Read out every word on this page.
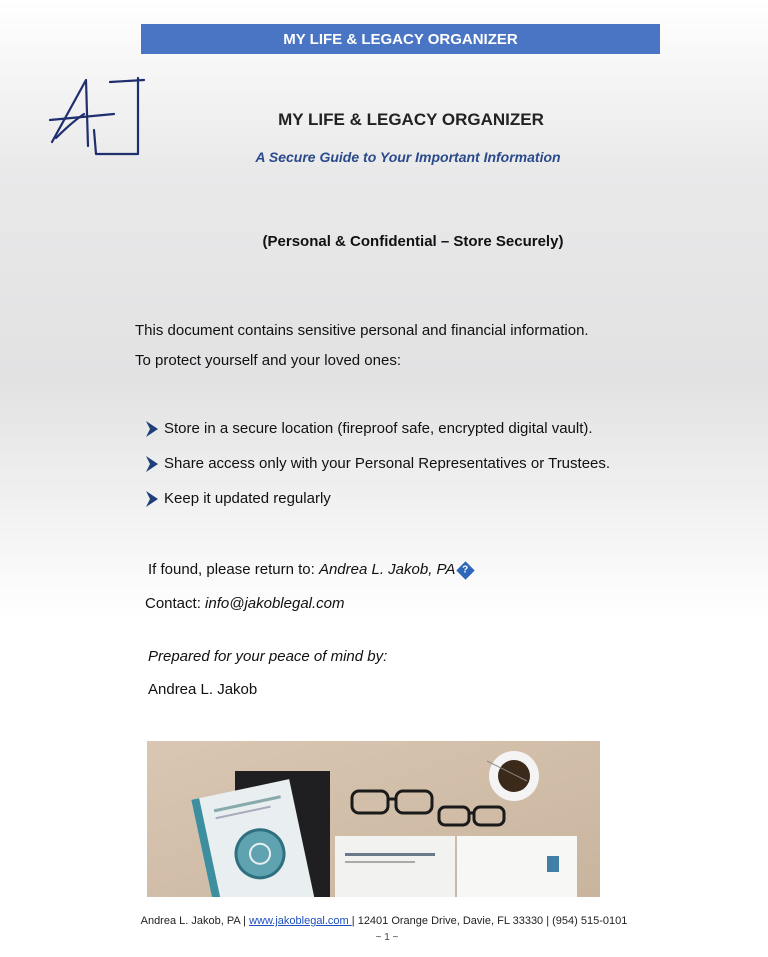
MY LIFE & LEGACY ORGANIZER
MY LIFE & LEGACY ORGANIZER
A Secure Guide to Your Important Information
(Personal & Confidential – Store Securely)
This document contains sensitive personal and financial information.
To protect yourself and your loved ones:
Store in a secure location (fireproof safe, encrypted digital vault).
Share access only with your Personal Representatives or Trustees.
Keep it updated regularly
If found, please return to: Andrea L. Jakob, PA ?
Contact: info@jakoblegal.com
Prepared for your peace of mind by:
Andrea L. Jakob
Andrea L. Jakob, PA | www.jakoblegal.com | 12401 Orange Drive, Davie, FL 33330 | (954) 515-0101
~ 1 ~
